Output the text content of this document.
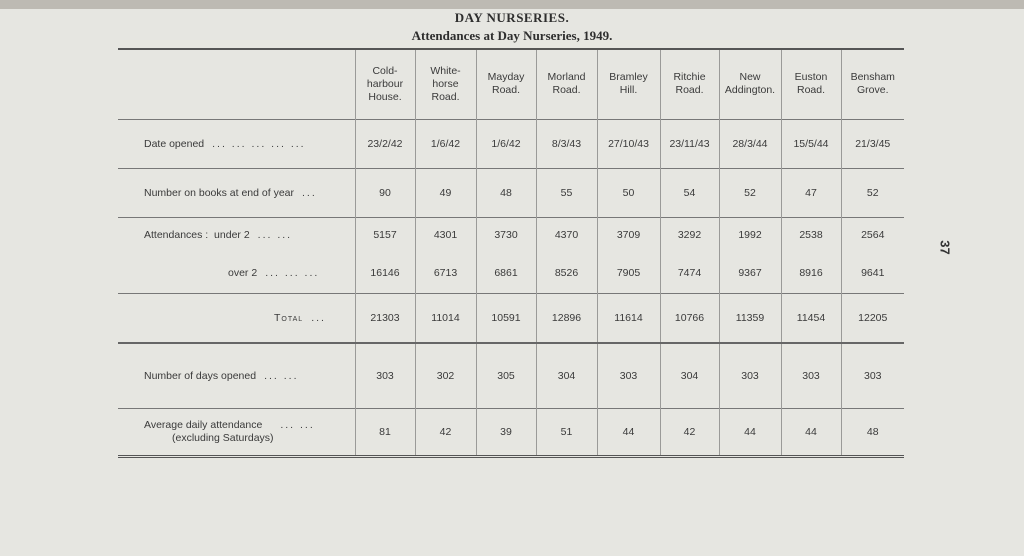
DAY NURSERIES.
Attendances at Day Nurseries, 1949.
37

	Cold-
harbour
House.	White-
horse
Road.	Mayday
Road.	Morland
Road.	Bramley
Hill.	Ritchie
Road.	New
Addington.	Euston
Road.	Bensham
Grove.

Date opened ... ... ... ... ...	23/2/42	1/6/42	1/6/42	8/3/43	27/10/43	23/11/43	28/3/44	15/5/44	21/3/45
Number on books at end of year ...	90	49	48	55	50	54	52	47	52
Attendances :  under 2 ... ...	5157	4301	3730	4370	3709	3292	1992	2538	2564
over 2 ... ... ...	16146	6713	6861	8526	7905	7474	9367	8916	9641
Total ...	21303	11014	10591	12896	11614	10766	11359	11454	12205
Number of days opened ... ...	303	302	305	304	303	304	303	303	303
Average daily attendance ... ...
(excluding Saturdays)	81	42	39	51	44	42	44	44	48
